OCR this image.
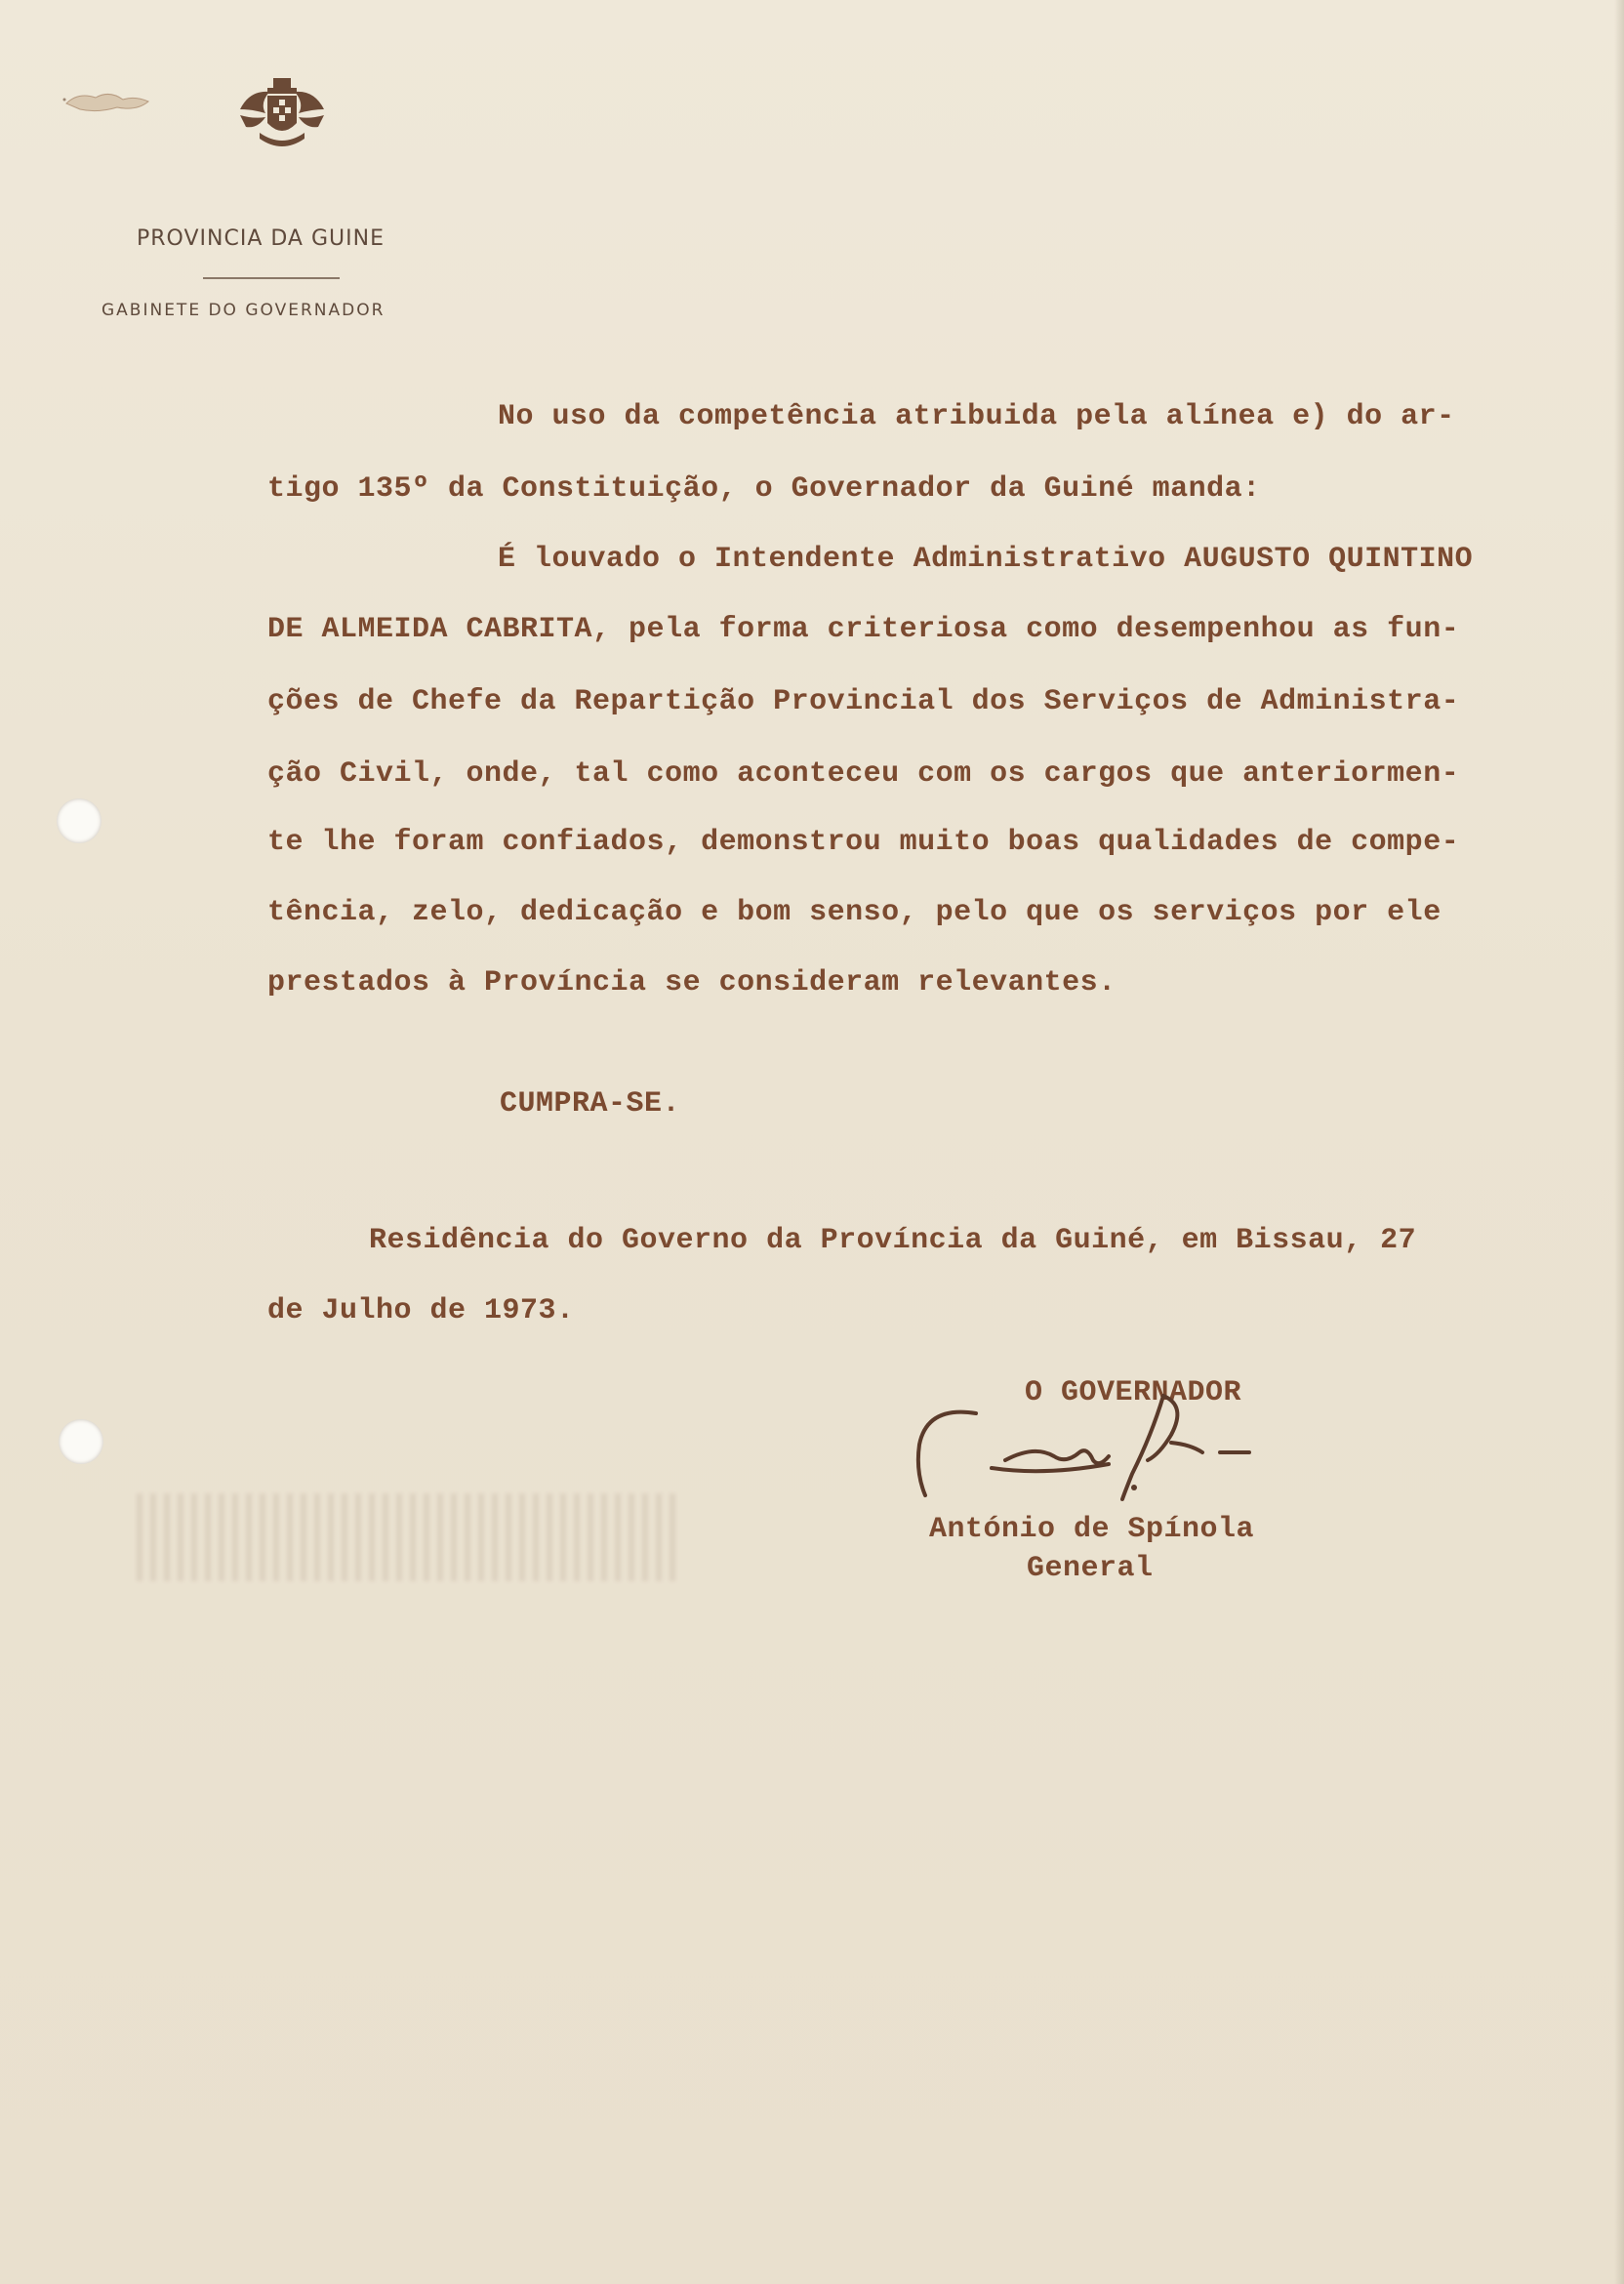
PROVINCIA DA GUINE
GABINETE DO GOVERNADOR
No uso da competência atribuida pela alínea e) do ar-
tigo 135º da Constituição, o Governador da Guiné manda:
É louvado o Intendente Administrativo AUGUSTO QUINTINO
DE ALMEIDA CABRITA, pela forma criteriosa como desempenhou as fun-
ções de Chefe da Repartição Provincial dos Serviços de Administra-
ção Civil, onde, tal como aconteceu com os cargos que anteriormen-
te lhe foram confiados, demonstrou muito boas qualidades de compe-
tência, zelo, dedicação e bom senso, pelo que os serviços por ele
prestados à Província se consideram relevantes.
CUMPRA-SE.
Residência do Governo da Província da Guiné, em Bissau, 27
de Julho de 1973.
O GOVERNADOR
António de Spínola
General
